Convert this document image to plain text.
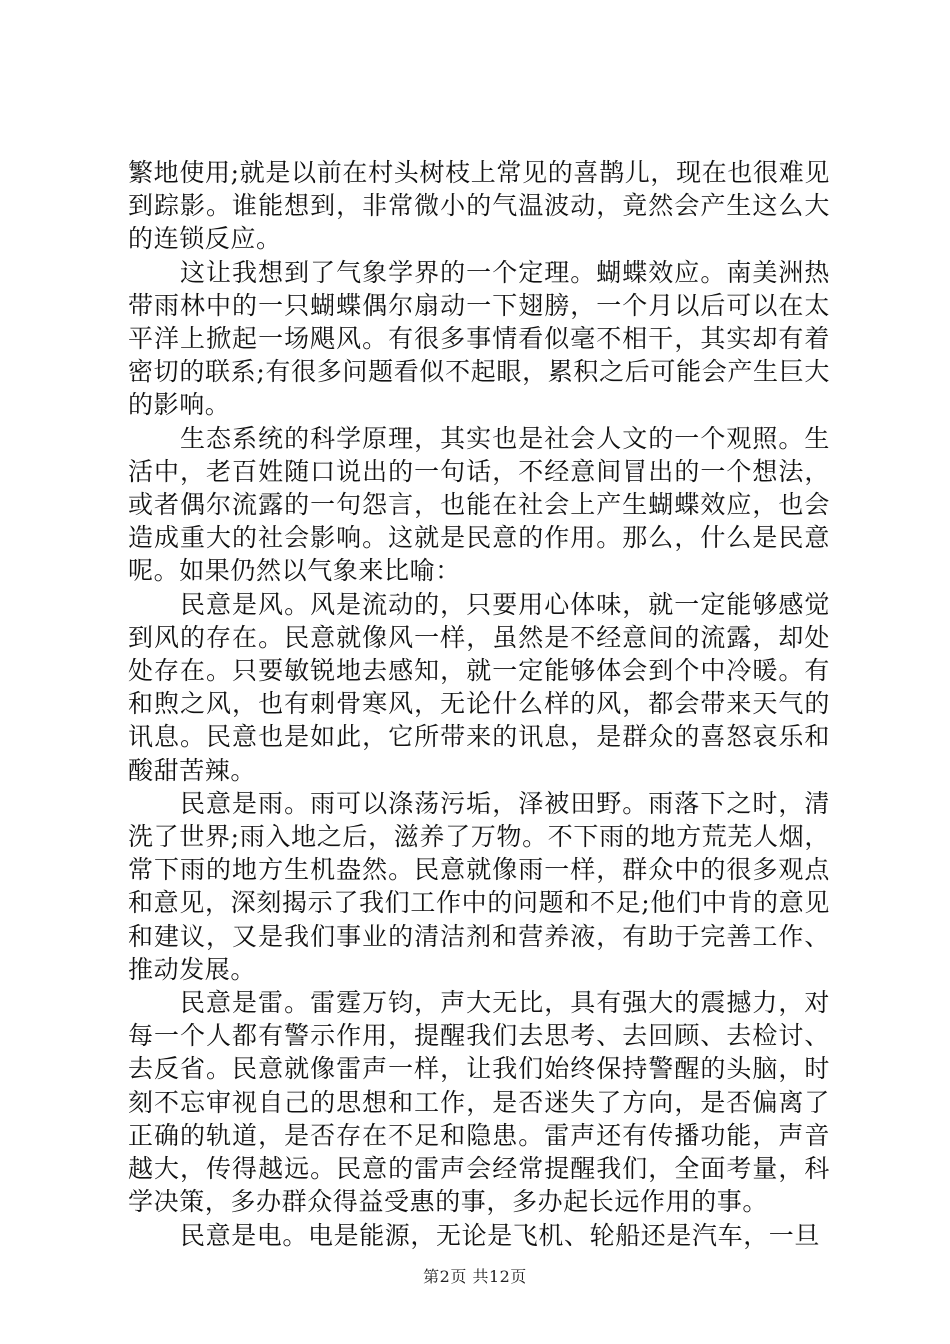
繁地使用;就是以前在村头树枝上常见的喜鹊儿，现在也很难见到踪影。谁能想到，非常微小的气温波动，竟然会产生这么大的连锁反应。

这让我想到了气象学界的一个定理。蝴蝶效应。南美洲热带雨林中的一只蝴蝶偶尔扇动一下翅膀，一个月以后可以在太平洋上掀起一场飓风。有很多事情看似毫不相干，其实却有着密切的联系;有很多问题看似不起眼，累积之后可能会产生巨大的影响。

生态系统的科学原理，其实也是社会人文的一个观照。生活中，老百姓随口说出的一句话，不经意间冒出的一个想法，或者偶尔流露的一句怨言，也能在社会上产生蝴蝶效应，也会造成重大的社会影响。这就是民意的作用。那么，什么是民意呢。如果仍然以气象来比喻：

民意是风。风是流动的，只要用心体味，就一定能够感觉到风的存在。民意就像风一样，虽然是不经意间的流露，却处处存在。只要敏锐地去感知，就一定能够体会到个中冷暖。有和煦之风，也有刺骨寒风，无论什么样的风，都会带来天气的讯息。民意也是如此，它所带来的讯息，是群众的喜怒哀乐和酸甜苦辣。

民意是雨。雨可以涤荡污垢，泽被田野。雨落下之时，清洗了世界;雨入地之后，滋养了万物。不下雨的地方荒芜人烟，常下雨的地方生机盎然。民意就像雨一样，群众中的很多观点和意见，深刻揭示了我们工作中的问题和不足;他们中肯的意见和建议，又是我们事业的清洁剂和营养液，有助于完善工作、推动发展。

民意是雷。雷霆万钧，声大无比，具有强大的震撼力，对每一个人都有警示作用，提醒我们去思考、去回顾、去检讨、去反省。民意就像雷声一样，让我们始终保持警醒的头脑，时刻不忘审视自己的思想和工作，是否迷失了方向，是否偏离了正确的轨道，是否存在不足和隐患。雷声还有传播功能，声音越大，传得越远。民意的雷声会经常提醒我们，全面考量，科学决策，多办群众得益受惠的事，多办起长远作用的事。

民意是电。电是能源，无论是飞机、轮船还是汽车，一旦

第2页 共12页
